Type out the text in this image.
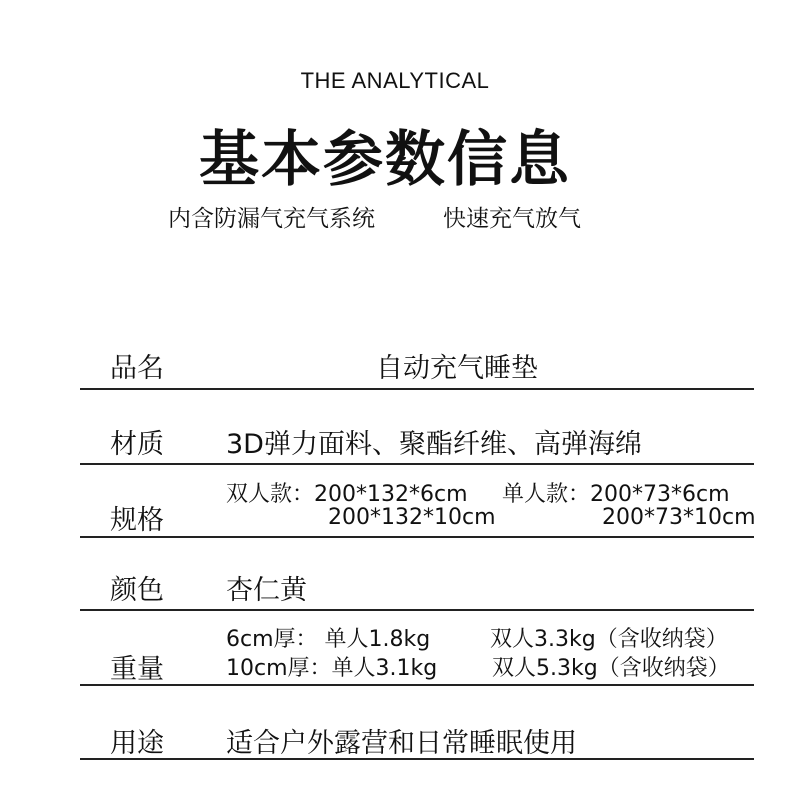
THE ANALYTICAL
基本参数信息
内含防漏气充气系统	快速充气放气
品名	自动充气睡垫
材质 3D弹力面料、聚酯纤维、高弹海绵
规格
双人款：200*132*6cm 单人款：200*73*6cm
200*132*10cm	200*73*10cm
颜色 杏仁黄
重量
6cm厚： 单人1.8kg	双人3.3kg（含收纳袋）
10cm厚：单人3.1kg 双人5.3kg（含收纳袋）
用途 适合户外露营和日常睡眠使用
